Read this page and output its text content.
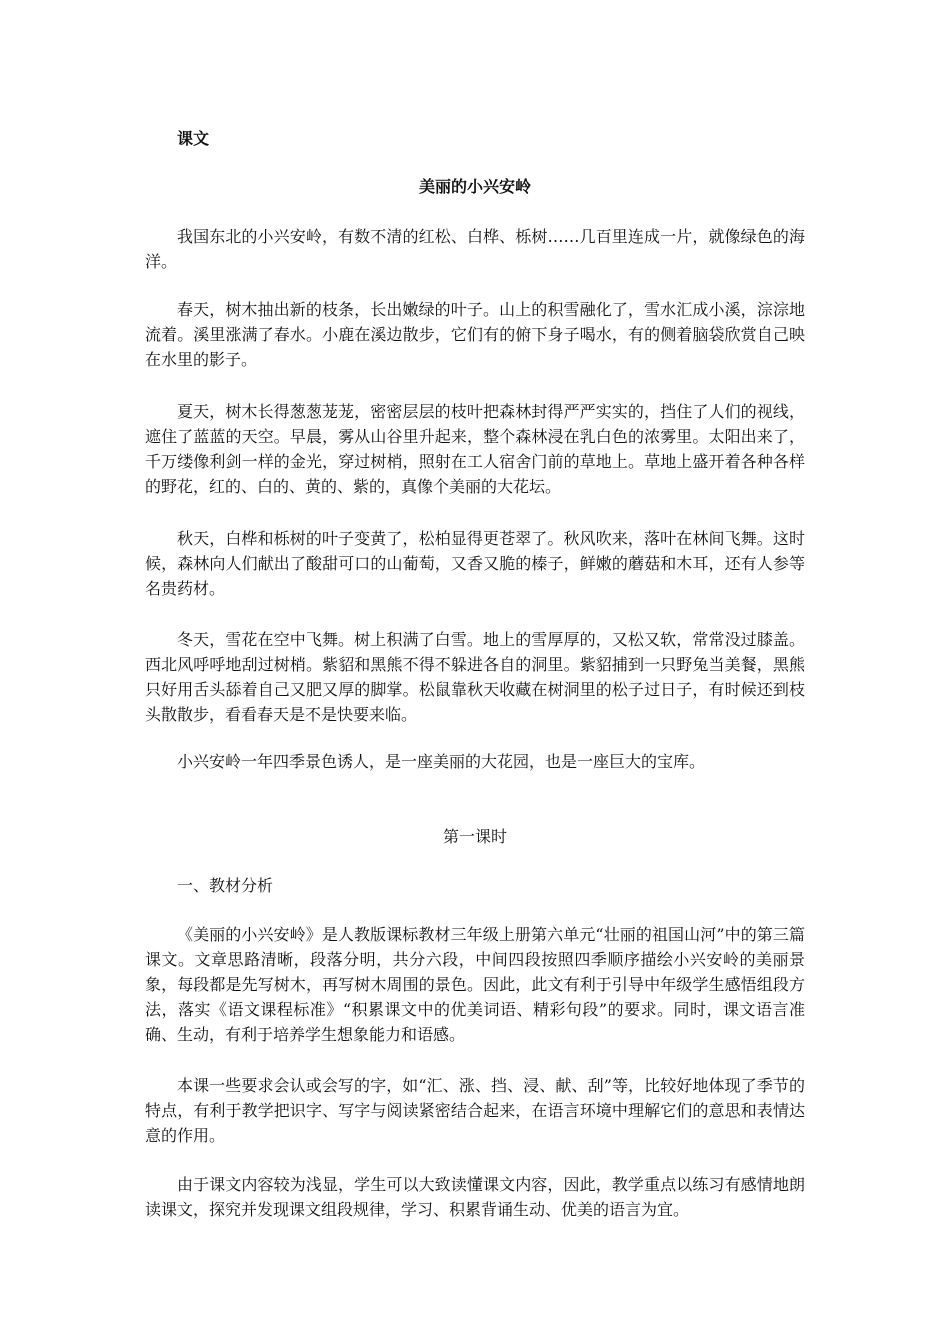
课文
美丽的小兴安岭

我国东北的小兴安岭，有数不清的红松、白桦、栎树……几百里连成一片，就像绿色的海洋。

春天，树木抽出新的枝条，长出嫩绿的叶子。山上的积雪融化了，雪水汇成小溪，淙淙地流着。溪里涨满了春水。小鹿在溪边散步，它们有的俯下身子喝水，有的侧着脑袋欣赏自己映在水里的影子。

夏天，树木长得葱葱茏茏，密密层层的枝叶把森林封得严严实实的，挡住了人们的视线，遮住了蓝蓝的天空。早晨，雾从山谷里升起来，整个森林浸在乳白色的浓雾里。太阳出来了，千万缕像利剑一样的金光，穿过树梢，照射在工人宿舍门前的草地上。草地上盛开着各种各样的野花，红的、白的、黄的、紫的，真像个美丽的大花坛。

秋天，白桦和栎树的叶子变黄了，松柏显得更苍翠了。秋风吹来，落叶在林间飞舞。这时候，森林向人们献出了酸甜可口的山葡萄，又香又脆的榛子，鲜嫩的蘑菇和木耳，还有人参等名贵药材。

冬天，雪花在空中飞舞。树上积满了白雪。地上的雪厚厚的，又松又软，常常没过膝盖。西北风呼呼地刮过树梢。紫貂和黑熊不得不躲进各自的洞里。紫貂捕到一只野兔当美餐，黑熊只好用舌头舔着自己又肥又厚的脚掌。松鼠靠秋天收藏在树洞里的松子过日子，有时候还到枝头散散步，看看春天是不是快要来临。

小兴安岭一年四季景色诱人，是一座美丽的大花园，也是一座巨大的宝库。

第一课时
一、教材分析

《美丽的小兴安岭》是人教版课标教材三年级上册第六单元“壮丽的祖国山河”中的第三篇课文。文章思路清晰，段落分明，共分六段，中间四段按照四季顺序描绘小兴安岭的美丽景象，每段都是先写树木，再写树木周围的景色。因此，此文有利于引导中年级学生感悟组段方法，落实《语文课程标准》“积累课文中的优美词语、精彩句段”的要求。同时，课文语言准确、生动，有利于培养学生想象能力和语感。

本课一些要求会认或会写的字，如“汇、涨、挡、浸、献、刮”等，比较好地体现了季节的特点，有利于教学把识字、写字与阅读紧密结合起来，在语言环境中理解它们的意思和表情达意的作用。

由于课文内容较为浅显，学生可以大致读懂课文内容，因此，教学重点以练习有感情地朗读课文，探究并发现课文组段规律，学习、积累背诵生动、优美的语言为宜。
